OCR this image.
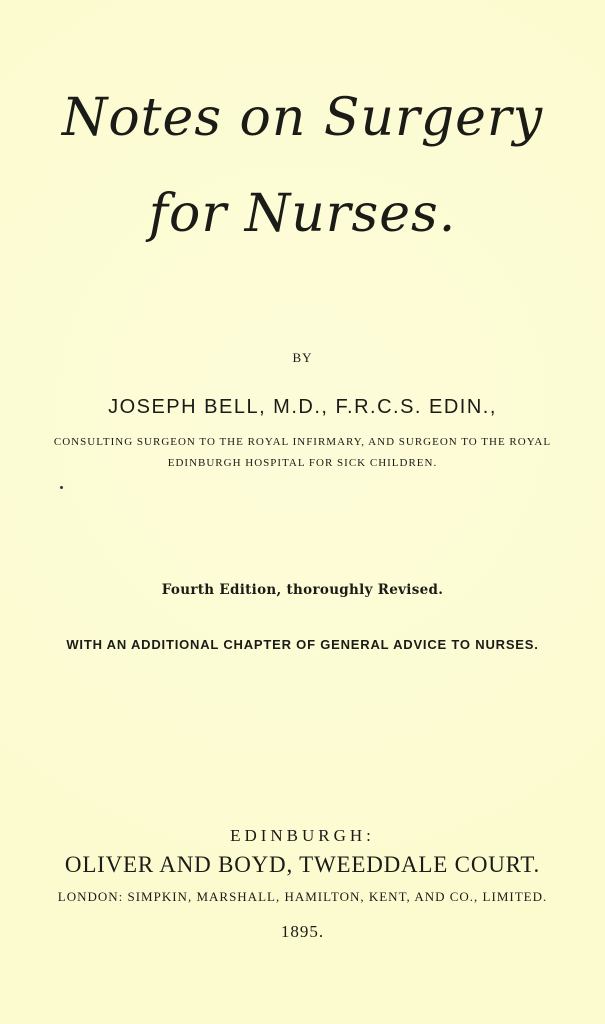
Notes on Surgery
for Nurses.
BY
JOSEPH BELL, M.D., F.R.C.S. EDIN.,
CONSULTING SURGEON TO THE ROYAL INFIRMARY, AND SURGEON TO THE ROYAL
EDINBURGH HOSPITAL FOR SICK CHILDREN.
Fourth Edition, thoroughly Revised.
WITH AN ADDITIONAL CHAPTER OF GENERAL ADVICE TO NURSES.
EDINBURGH:
OLIVER AND BOYD, TWEEDDALE COURT.
LONDON: SIMPKIN, MARSHALL, HAMILTON, KENT, AND CO., LIMITED.
1895.
